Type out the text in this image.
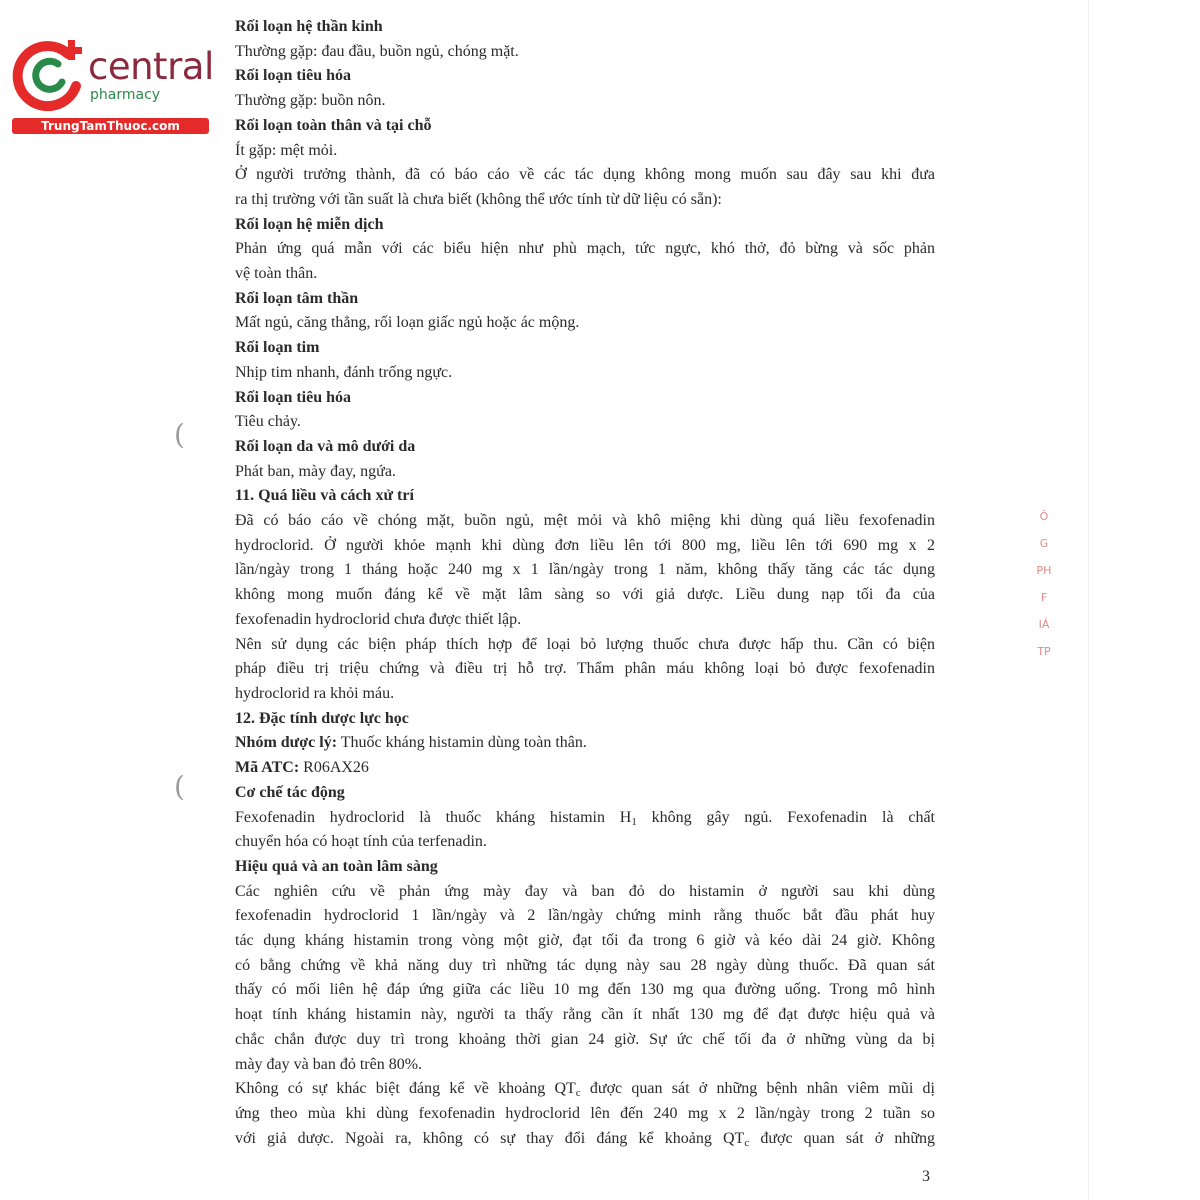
central
pharmacy
TrungTamThuoc.com

Rối loạn hệ thần kinh

Thường gặp: đau đầu, buồn ngủ, chóng mặt.

Rối loạn tiêu hóa

Thường gặp: buồn nôn.

Rối loạn toàn thân và tại chỗ

Ít gặp: mệt mỏi.

Ở người trưởng thành, đã có báo cáo về các tác dụng không mong muốn sau đây sau khi đưa

ra thị trường với tần suất là chưa biết (không thể ước tính từ dữ liệu có sẵn):

Rối loạn hệ miễn dịch

Phản ứng quá mẫn với các biểu hiện như phù mạch, tức ngực, khó thở, đỏ bừng và sốc phản

vệ toàn thân.

Rối loạn tâm thần

Mất ngủ, căng thẳng, rối loạn giấc ngủ hoặc ác mộng.

Rối loạn tim

Nhịp tim nhanh, đánh trống ngực.

Rối loạn tiêu hóa

Tiêu chảy.

Rối loạn da và mô dưới da

Phát ban, mày đay, ngứa.

11. Quá liều và cách xử trí

Đã có báo cáo về chóng mặt, buồn ngủ, mệt mỏi và khô miệng khi dùng quá liều fexofenadin

hydroclorid. Ở người khỏe mạnh khi dùng đơn liều lên tới 800 mg, liều lên tới 690 mg x 2

lần/ngày trong 1 tháng hoặc 240 mg x 1 lần/ngày trong 1 năm, không thấy tăng các tác dụng

không mong muốn đáng kể về mặt lâm sàng so với giả dược. Liều dung nạp tối đa của

fexofenadin hydroclorid chưa được thiết lập.

Nên sử dụng các biện pháp thích hợp để loại bỏ lượng thuốc chưa được hấp thu. Cần có biện

pháp điều trị triệu chứng và điều trị hỗ trợ. Thẩm phân máu không loại bỏ được fexofenadin

hydroclorid ra khỏi máu.

12. Đặc tính dược lực học

Nhóm dược lý: Thuốc kháng histamin dùng toàn thân.

Mã ATC: R06AX26

Cơ chế tác động

Fexofenadin hydroclorid là thuốc kháng histamin $H_1$ không gây ngủ. Fexofenadin là chất

chuyển hóa có hoạt tính của terfenadin.

Hiệu quả và an toàn lâm sàng

Các nghiên cứu về phản ứng mày đay và ban đỏ do histamin ở người sau khi dùng

fexofenadin hydroclorid 1 lần/ngày và 2 lần/ngày chứng minh rằng thuốc bắt đầu phát huy

tác dụng kháng histamin trong vòng một giờ, đạt tối đa trong 6 giờ và kéo dài 24 giờ. Không

có bằng chứng về khả năng duy trì những tác dụng này sau 28 ngày dùng thuốc. Đã quan sát

thấy có mối liên hệ đáp ứng giữa các liều 10 mg đến 130 mg qua đường uống. Trong mô hình

hoạt tính kháng histamin này, người ta thấy rằng cần ít nhất 130 mg để đạt được hiệu quả và

chắc chắn được duy trì trong khoảng thời gian 24 giờ. Sự ức chế tối đa ở những vùng da bị

mày đay và ban đỏ trên 80%.

Không có sự khác biệt đáng kể về khoảng $QT_c$ được quan sát ở những bệnh nhân viêm mũi dị

ứng theo mùa khi dùng fexofenadin hydroclorid lên đến 240 mg x 2 lần/ngày trong 2 tuần so

với giả dược. Ngoài ra, không có sự thay đổi đáng kể khoảng $QT_c$ được quan sát ở những

(
(
Ô
G
PH
F
IÁ
TP
3
